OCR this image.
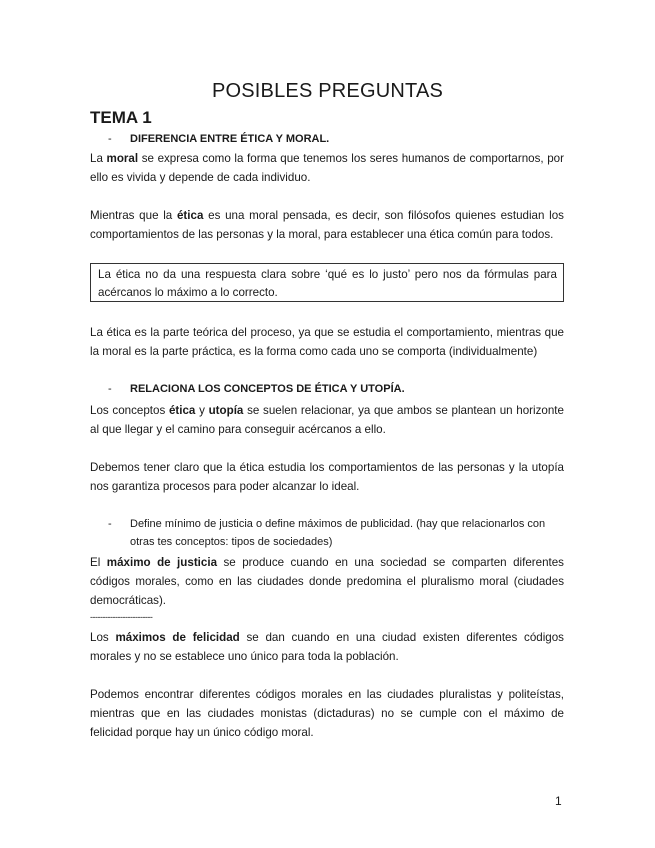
POSIBLES PREGUNTAS
TEMA 1
- DIFERENCIA ENTRE ÉTICA Y MORAL.
La moral se expresa como la forma que tenemos los seres humanos de comportarnos, por ello es vivida y depende de cada individuo.
Mientras que la ética es una moral pensada, es decir, son filósofos quienes estudian los comportamientos de las personas y la moral, para establecer una ética común para todos.
La ética no da una respuesta clara sobre ‘qué es lo justo’ pero nos da fórmulas para acércanos lo máximo a lo correcto.
La ética es la parte teórica del proceso, ya que se estudia el comportamiento, mientras que la moral es la parte práctica, es la forma como cada uno se comporta (individualmente)
- RELACIONA LOS CONCEPTOS DE ÉTICA Y UTOPÍA.
Los conceptos ética y utopía se suelen relacionar, ya que ambos se plantean un horizonte al que llegar y el camino para conseguir acércanos a ello.
Debemos tener claro que la ética estudia los comportamientos de las personas y la utopía nos garantiza procesos para poder alcanzar lo ideal.
- Define mínimo de justicia o define máximos de publicidad. (hay que relacionarlos con otras tes conceptos: tipos de sociedades)
El máximo de justicia se produce cuando en una sociedad se comparten diferentes códigos morales, como en las ciudades donde predomina el pluralismo moral (ciudades democráticas).
-------------------------
Los máximos de felicidad se dan cuando en una ciudad existen diferentes códigos morales y no se establece uno único para toda la población.
Podemos encontrar diferentes códigos morales en las ciudades pluralistas y politeístas, mientras que en las ciudades monistas (dictaduras) no se cumple con el máximo de felicidad porque hay un único código moral.
1
